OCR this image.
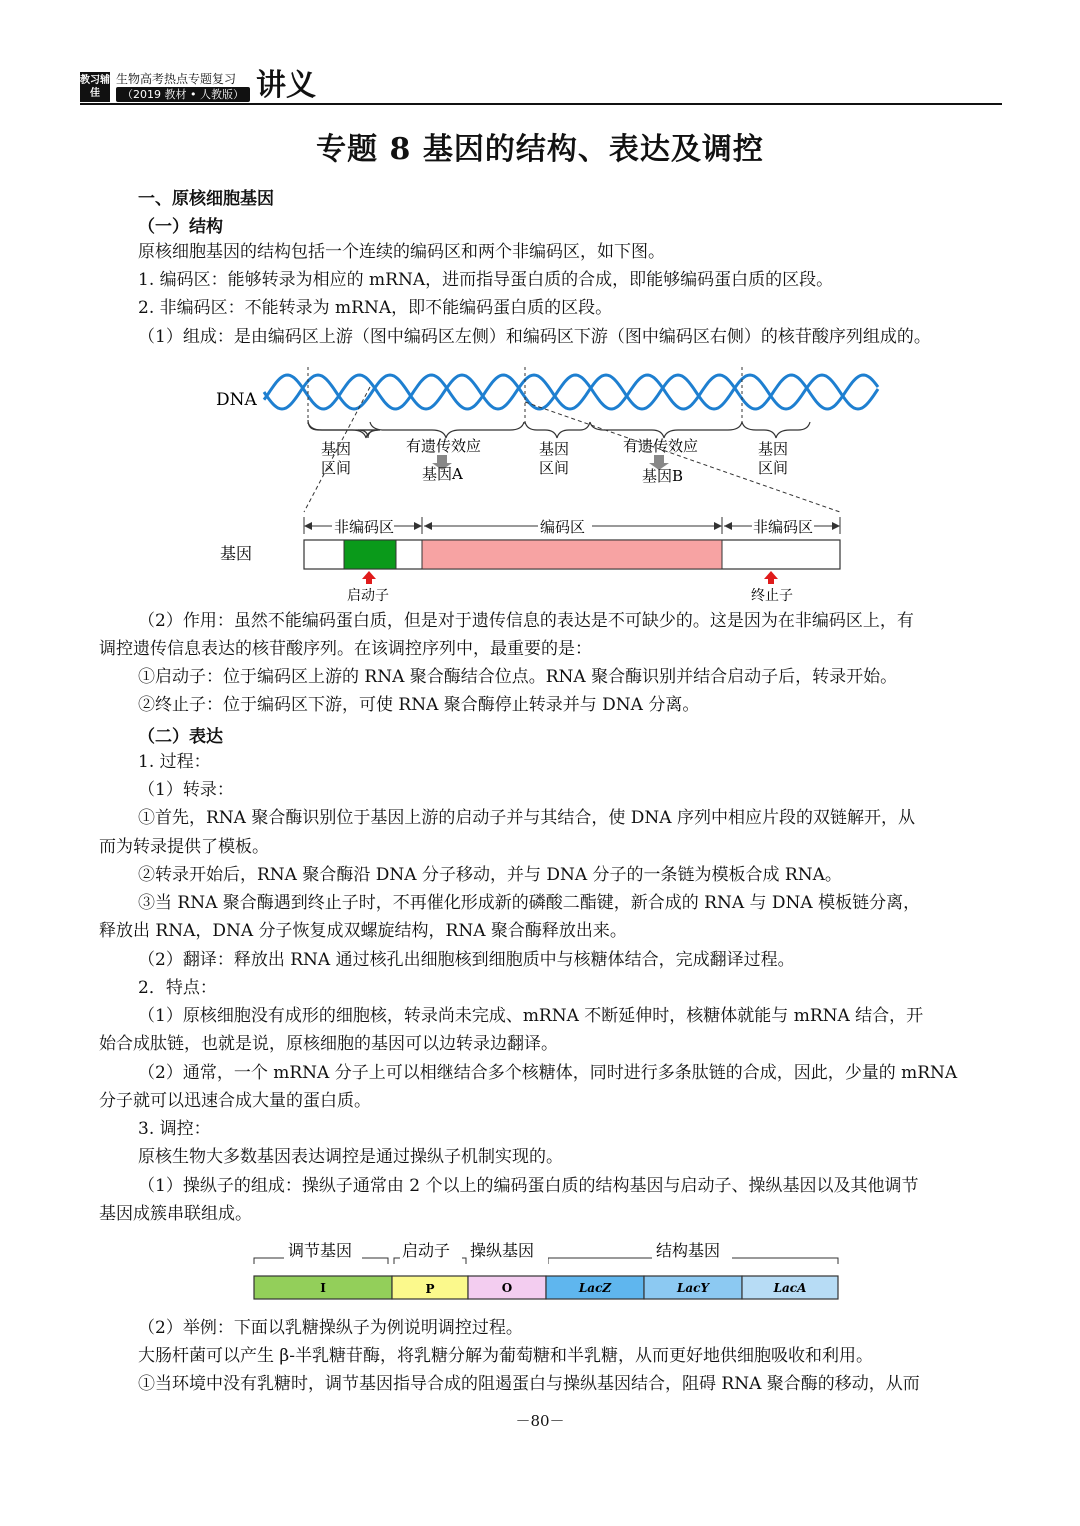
教习辅佳
生物高考热点专题复习
（2019 教材 • 人教版） 讲义
专题 8 基因的结构、表达及调控
一、原核细胞基因
（一）结构
原核细胞基因的结构包括一个连续的编码区和两个非编码区，如下图。
1. 编码区：能够转录为相应的 mRNA，进而指导蛋白质的合成，即能够编码蛋白质的区段。
2. 非编码区：不能转录为 mRNA，即不能编码蛋白质的区段。
（1）组成：是由编码区上游（图中编码区左侧）和编码区下游（图中编码区右侧）的核苷酸序列组成的。
DNA
基因
区间
有遗传效应
基因A
基因
区间
有遗传效应
基因B
基因
区间
非编码区	编码区	非编码区
基因
启动子	终止子
（2）作用：虽然不能编码蛋白质，但是对于遗传信息的表达是不可缺少的。这是因为在非编码区上，有
调控遗传信息表达的核苷酸序列。在该调控序列中，最重要的是：
①启动子：位于编码区上游的 RNA 聚合酶结合位点。RNA 聚合酶识别并结合启动子后，转录开始。
②终止子：位于编码区下游，可使 RNA 聚合酶停止转录并与 DNA 分离。
（二）表达
1. 过程：
（1）转录：
①首先，RNA 聚合酶识别位于基因上游的启动子并与其结合，使 DNA 序列中相应片段的双链解开，从
而为转录提供了模板。
②转录开始后，RNA 聚合酶沿 DNA 分子移动，并与 DNA 分子的一条链为模板合成 RNA。
③当 RNA 聚合酶遇到终止子时，不再催化形成新的磷酸二酯键，新合成的 RNA 与 DNA 模板链分离，
释放出 RNA，DNA 分子恢复成双螺旋结构，RNA 聚合酶释放出来。
（2）翻译：释放出 RNA 通过核孔出细胞核到细胞质中与核糖体结合，完成翻译过程。
2．特点：
（1）原核细胞没有成形的细胞核，转录尚未完成、mRNA 不断延伸时，核糖体就能与 mRNA 结合，开
始合成肽链，也就是说，原核细胞的基因可以边转录边翻译。
（2）通常，一个 mRNA 分子上可以相继结合多个核糖体，同时进行多条肽链的合成，因此，少量的 mRNA
分子就可以迅速合成大量的蛋白质。
3. 调控：
原核生物大多数基因表达调控是通过操纵子机制实现的。
（1）操纵子的组成：操纵子通常由 2 个以上的编码蛋白质的结构基因与启动子、操纵基因以及其他调节
基因成簇串联组成。
调节基因	启动子 操纵基因	结构基因
I	P	O	LacZ	LacY	LacA
（2）举例：下面以乳糖操纵子为例说明调控过程。
大肠杆菌可以产生 β-半乳糖苷酶，将乳糖分解为葡萄糖和半乳糖，从而更好地供细胞吸收和利用。
①当环境中没有乳糖时，调节基因指导合成的阻遏蛋白与操纵基因结合，阻碍 RNA 聚合酶的移动，从而
－80－
